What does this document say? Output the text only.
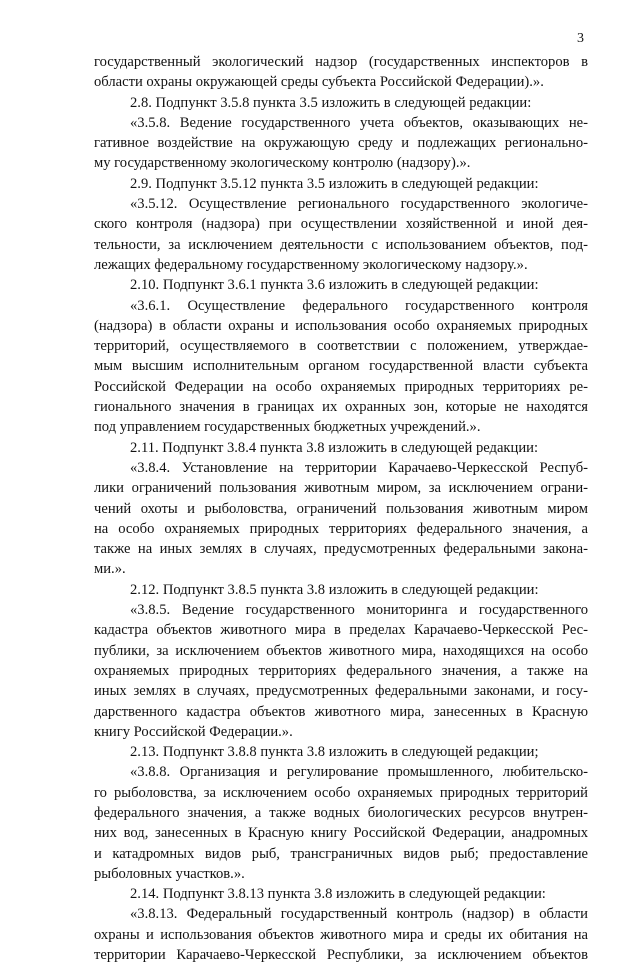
3
государственный экологический надзор (государственных инспекторов в
области охраны окружающей среды субъекта Российской Федерации).».
2.8. Подпункт 3.5.8 пункта 3.5 изложить в следующей редакции:
«3.5.8. Ведение государственного учета объектов, оказывающих не-
гативное воздействие на окружающую среду и подлежащих регионально-
му государственному экологическому контролю (надзору).».
2.9. Подпункт 3.5.12 пункта 3.5 изложить в следующей редакции:
«3.5.12. Осуществление регионального государственного экологиче-
ского контроля (надзора) при осуществлении хозяйственной и иной дея-
тельности, за исключением деятельности с использованием объектов, под-
лежащих федеральному государственному экологическому надзору.».
2.10. Подпункт 3.6.1 пункта 3.6 изложить в следующей редакции:
«3.6.1. Осуществление федерального государственного контроля
(надзора) в области охраны и использования особо охраняемых природных
территорий, осуществляемого в соответствии с положением, утверждае-
мым высшим исполнительным органом государственной власти субъекта
Российской Федерации на особо охраняемых природных территориях ре-
гионального значения в границах их охранных зон, которые не находятся
под управлением государственных бюджетных учреждений.».
2.11. Подпункт 3.8.4 пункта 3.8 изложить в следующей редакции:
«3.8.4. Установление на территории Карачаево-Черкесской Респуб-
лики ограничений пользования животным миром, за исключением ограни-
чений охоты и рыболовства, ограничений пользования животным миром
на особо охраняемых природных территориях федерального значения, а
также на иных землях в случаях, предусмотренных федеральными закона-
ми.».
2.12. Подпункт 3.8.5 пункта 3.8 изложить в следующей редакции:
«3.8.5. Ведение государственного мониторинга и государственного
кадастра объектов животного мира в пределах Карачаево-Черкесской Рес-
публики, за исключением объектов животного мира, находящихся на особо
охраняемых природных территориях федерального значения, а также на
иных землях в случаях, предусмотренных федеральными законами, и госу-
дарственного кадастра объектов животного мира, занесенных в Красную
книгу Российской Федерации.».
2.13. Подпункт 3.8.8 пункта 3.8 изложить в следующей редакции;
«3.8.8. Организация и регулирование промышленного, любительско-
го рыболовства, за исключением особо охраняемых природных территорий
федерального значения, а также водных биологических ресурсов внутрен-
них вод, занесенных в Красную книгу Российской Федерации, анадромных
и катадромных видов рыб, трансграничных видов рыб; предоставление
рыболовных участков.».
2.14. Подпункт 3.8.13 пункта 3.8 изложить в следующей редакции:
«3.8.13. Федеральный государственный контроль (надзор) в области
охраны и использования объектов животного мира и среды их обитания на
территории Карачаево-Черкесской Республики, за исключением объектов
